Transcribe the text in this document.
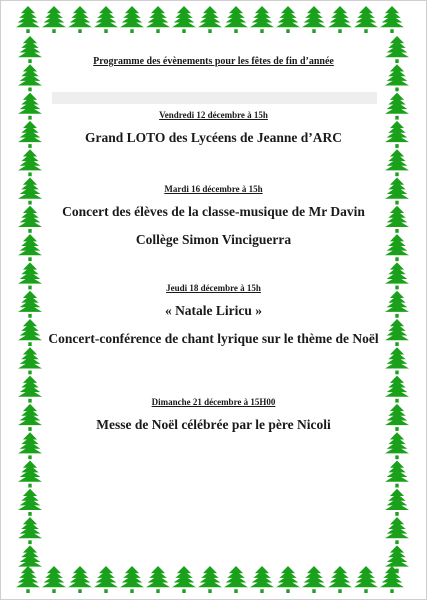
Programme des évènements pour les fêtes de fin d’année
Vendredi 12 décembre à 15h
Grand LOTO des Lycéens de Jeanne d’ARC
Mardi 16 décembre à 15h
Concert des élèves de la classe-musique de Mr Davin
Collège Simon Vinciguerra
Jeudi 18 décembre à 15h
« Natale Liricu »
Concert-conférence de chant lyrique sur le thème de Noël
Dimanche 21 décembre à 15H00
Messe de Noël célébrée par le père Nicoli
